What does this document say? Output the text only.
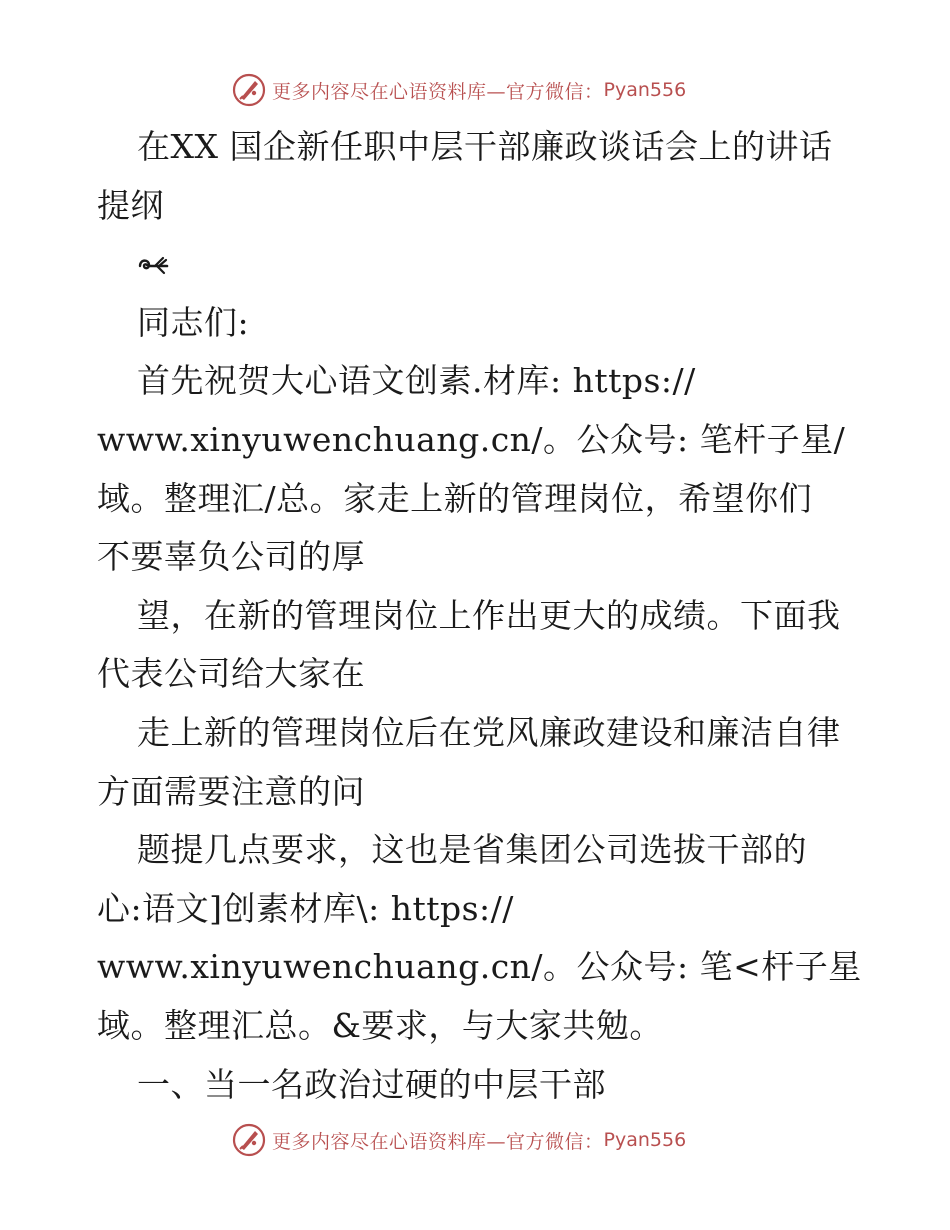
更多内容尽在心语资料库—官方微信： Pyan556
在XX 国企新任职中层干部廉政谈话会上的讲话
提纲
同志们:
首先祝贺大心语文创素.材库: https://
www.xinyuwenchuang.cn/。公众号: 笔杆子星/
域。整理汇/总。家走上新的管理岗位，希望你们
不要辜负公司的厚
望，在新的管理岗位上作出更大的成绩。下面我
代表公司给大家在
走上新的管理岗位后在党风廉政建设和廉洁自律
方面需要注意的问
题提几点要求，这也是省集团公司选拔干部的
心:语文]创素材库\: https://
www.xinyuwenchuang.cn/。公众号: 笔<杆子星
域。整理汇总。&要求，与大家共勉。
一、当一名政治过硬的中层干部
更多内容尽在心语资料库—官方微信： Pyan556
